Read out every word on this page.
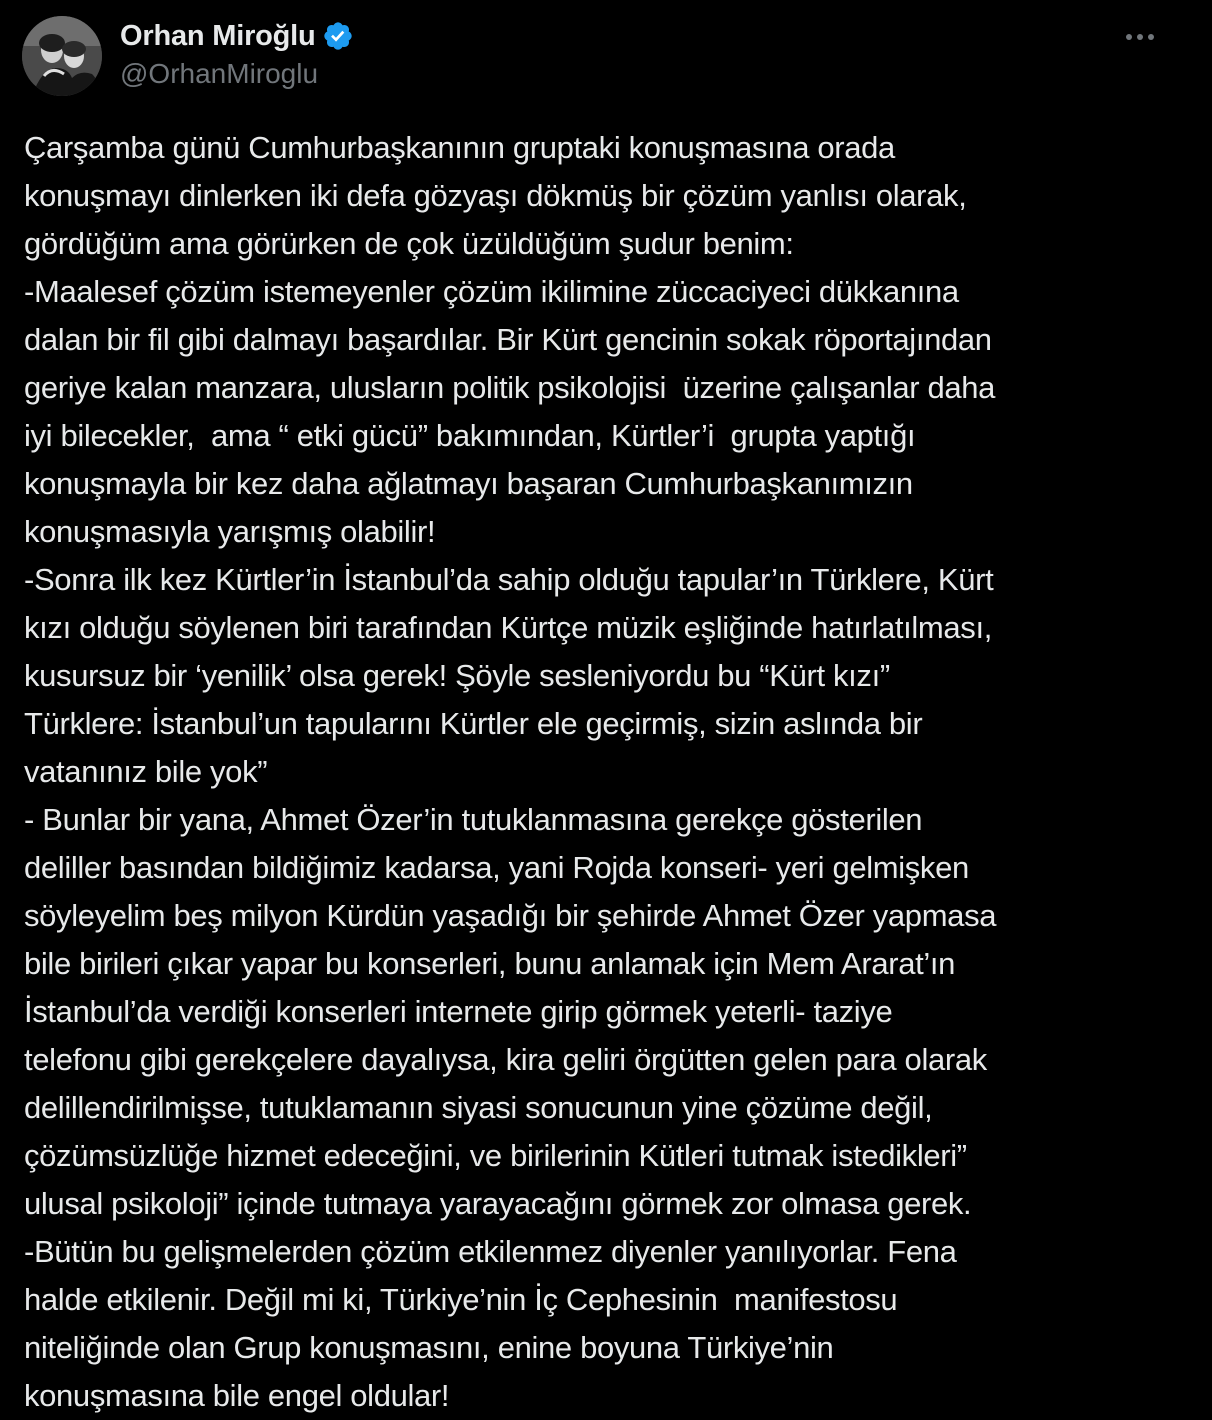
Orhan Miroğlu
@OrhanMiroglu
Çarşamba günü Cumhurbaşkanının gruptaki konuşmasına orada
konuşmayı dinlerken iki defa gözyaşı dökmüş bir çözüm yanlısı olarak,
gördüğüm ama görürken de çok üzüldüğüm şudur benim:
-Maalesef çözüm istemeyenler çözüm ikilimine züccaciyeci dükkanına
dalan bir fil gibi dalmayı başardılar. Bir Kürt gencinin sokak röportajından
geriye kalan manzara, ulusların politik psikolojisi  üzerine çalışanlar daha
iyi bilecekler,  ama “ etki gücü” bakımından, Kürtler’i  grupta yaptığı
konuşmayla bir kez daha ağlatmayı başaran Cumhurbaşkanımızın
konuşmasıyla yarışmış olabilir!
-Sonra ilk kez Kürtler’in İstanbul’da sahip olduğu tapular’ın Türklere, Kürt
kızı olduğu söylenen biri tarafından Kürtçe müzik eşliğinde hatırlatılması,
kusursuz bir ‘yenilik’ olsa gerek! Şöyle sesleniyordu bu “Kürt kızı”
Türklere: İstanbul’un tapularını Kürtler ele geçirmiş, sizin aslında bir
vatanınız bile yok”
- Bunlar bir yana, Ahmet Özer’in tutuklanmasına gerekçe gösterilen
deliller basından bildiğimiz kadarsa, yani Rojda konseri- yeri gelmişken
söyleyelim beş milyon Kürdün yaşadığı bir şehirde Ahmet Özer yapmasa
bile birileri çıkar yapar bu konserleri, bunu anlamak için Mem Ararat’ın
İstanbul’da verdiği konserleri internete girip görmek yeterli- taziye
telefonu gibi gerekçelere dayalıysa, kira geliri örgütten gelen para olarak
delillendirilmişse, tutuklamanın siyasi sonucunun yine çözüme değil,
çözümsüzlüğe hizmet edeceğini, ve birilerinin Kütleri tutmak istedikleri”
ulusal psikoloji” içinde tutmaya yarayacağını görmek zor olmasa gerek.
-Bütün bu gelişmelerden çözüm etkilenmez diyenler yanılıyorlar. Fena
halde etkilenir. Değil mi ki, Türkiye’nin İç Cephesinin  manifestosu
niteliğinde olan Grup konuşmasını, enine boyuna Türkiye’nin
konuşmasına bile engel oldular!
